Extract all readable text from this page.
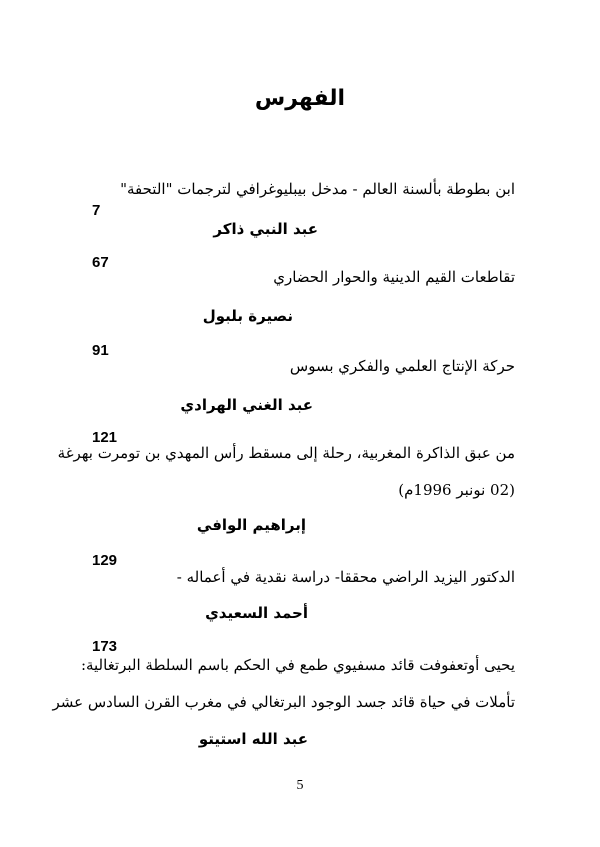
الفهرس
ابن بطوطة بألسنة العالم - مدخل بيبليوغرافي لترجمات "التحفة"
7
عبد النبي ذاكر
67
تقاطعات القيم الدينية والحوار الحضاري
نصيرة بلبول
91
حركة الإنتاج العلمي والفكري بسوس
عبد الغني الهرادي
121
من عبق الذاكرة المغربية، رحلة إلى مسقط رأس المهدي بن تومرت بهرغة
(02 نونبر 1996م)
إبراهيم الوافي
129
الدكتور اليزيد الراضي محققا- دراسة نقدية في أعماله -
أحمد السعيدي
173
يحيى أوتعفوفت قائد مسفيوي طمع في الحكم باسم السلطة البرتغالية:
تأملات في حياة قائد جسد الوجود البرتغالي في مغرب القرن السادس عشر
عبد الله استيتو
5
